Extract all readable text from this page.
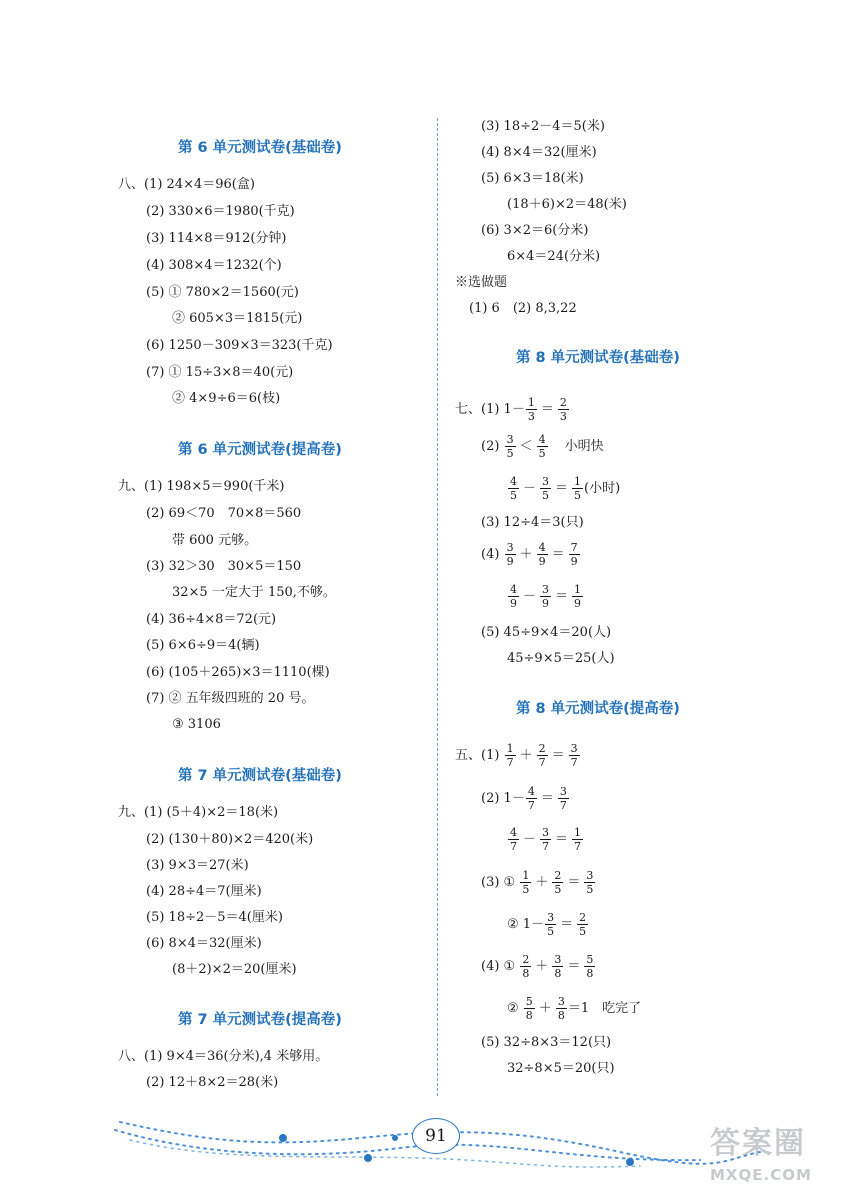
第 6 单元测试卷(基础卷)
八、(1) 24×4＝96(盒)
(2) 330×6＝1980(千克)
(3) 114×8＝912(分钟)
(4) 308×4＝1232(个)
(5) ① 780×2＝1560(元)
② 605×3＝1815(元)
(6) 1250－309×3＝323(千克)
(7) ① 15÷3×8＝40(元)
② 4×9÷6＝6(枝)
第 6 单元测试卷(提高卷)
九、(1) 198×5＝990(千米)
(2) 69＜70　70×8＝560
带 600 元够。
(3) 32＞30　30×5＝150
32×5 一定大于 150,不够。
(4) 36÷4×8＝72(元)
(5) 6×6÷9＝4(辆)
(6) (105＋265)×3＝1110(棵)
(7) ② 五年级四班的 20 号。
③ 3106
第 7 单元测试卷(基础卷)
九、(1) (5＋4)×2＝18(米)
(2) (130＋80)×2＝420(米)
(3) 9×3＝27(米)
(4) 28÷4＝7(厘米)
(5) 18÷2－5＝4(厘米)
(6) 8×4＝32(厘米)
(8＋2)×2＝20(厘米)
第 7 单元测试卷(提高卷)
八、(1) 9×4＝36(分米),4 米够用。
(2) 12＋8×2＝28(米)
(3) 18÷2－4＝5(米)
(4) 8×4＝32(厘米)
(5) 6×3＝18(米)
(18＋6)×2＝48(米)
(6) 3×2＝6(分米)
6×4＝24(分米)
※选做题
(1) 6　(2) 8,3,22
第 8 单元测试卷(基础卷)
七、(1) $1- \frac{1}{3} = \frac{2}{3}$
$(2) \frac{3}{5} < \frac{4}{5}$ 小明快
$\frac{4}{5} - \frac{3}{5} = \frac{1}{5}$ (小时)
(3) 12÷4＝3(只)
$(4) \frac{3}{9} + \frac{4}{9} = \frac{7}{9}$
$\frac{4}{9} - \frac{3}{9} = \frac{1}{9}$
(5) 45÷9×4＝20(人)
45÷9×5＝25(人)
第 8 单元测试卷(提高卷)
五、$(1) \frac{1}{7} + \frac{2}{7} = \frac{3}{7}$
(2) $1- \frac{4}{7} = \frac{3}{7}$
$\frac{4}{7} - \frac{3}{7} = \frac{1}{7}$
(3) ① $\frac{1}{5} + \frac{2}{5} = \frac{3}{5}$
② $1- \frac{3}{5} = \frac{2}{5}$
(4) ① $\frac{2}{8} + \frac{3}{8} = \frac{5}{8}$
② $\frac{5}{8} + \frac{3}{8} =1$　吃完了
(5) 32÷8×3＝12(只)
32÷8×5＝20(只)
91	答案圈
MXQE.COM
